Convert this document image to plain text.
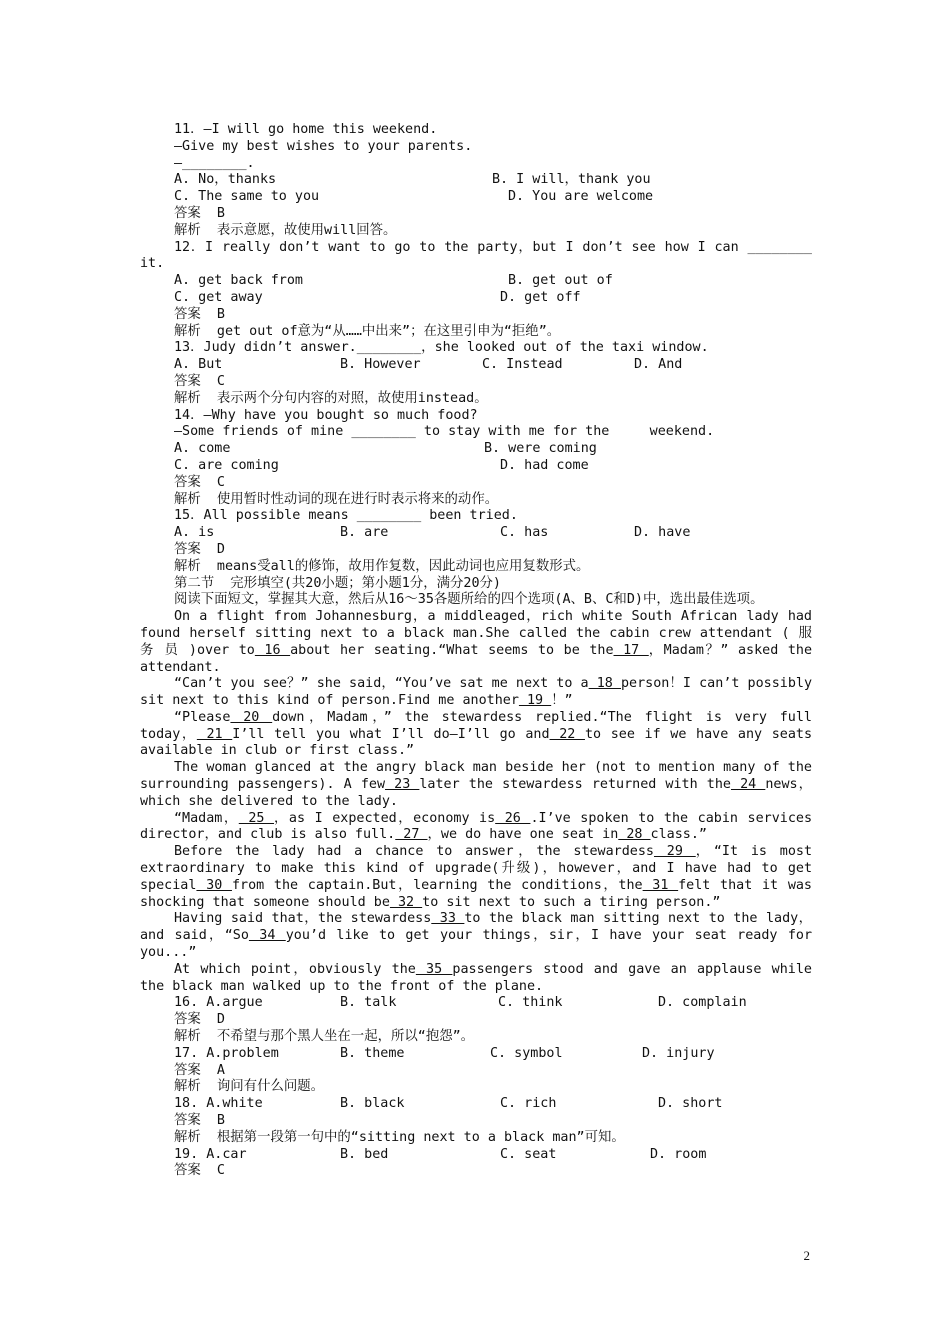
11．—I will go home this weekend.
—Give my best wishes to your parents.
—________.
A. No，thanks	B. I will，thank you
C. The same to you	D. You are welcome
答案  B
解析  表示意愿，故使用will回答。
12．I really don’t want to go to the party，but I don’t see how I can ________ it.
A. get back from	B. get out of
C. get away	D. get off
答案  B
解析  get out of意为“从……中出来”；在这里引申为“拒绝”。
13．Judy didn’t answer.________，she looked out of the taxi window.
A. But	B. However	C. Instead	D. And
答案  C
解析  表示两个分句内容的对照，故使用instead。
14．—Why have you bought so much food?
—Some friends of mine ________ to stay with me for the     weekend.
A. come	B. were coming
C. are coming	D. had come
答案  C
解析  使用暂时性动词的现在进行时表示将来的动作。
15．All possible means ________ been tried.
A. is	B. are	C. has	D. have
答案  D
解析  means受all的修饰，故用作复数，因此动词也应用复数形式。
第二节  完形填空(共20小题；第小题1分，满分20分)
阅读下面短文，掌握其大意，然后从16～35各题所给的四个选项(A、B、C和D)中，选出最佳选项。
On a flight from Johannesburg，a middleaged，rich white South African lady had found herself sitting next to a black man.She called the cabin crew attendant ( 服 务 员 )over to 16 about her seating.“What seems to be the 17 ，Madam？” asked the attendant.
“Can’t you see？” she said，“You’ve sat me next to a 18 person！I can’t possibly sit next to this kind of person.Find me another 19 ！”
“Please 20 down，Madam，” the stewardess replied.“The flight is very full today， 21 I’ll tell you what I’ll do—I’ll go and 22 to see if we have any seats available in club or first class.”
The woman glanced at the angry black man beside her (not to mention many of the surrounding passengers). A few 23 later the stewardess returned with the 24 news，which she delivered to the lady.
“Madam， 25 ，as I expected，economy is 26 .I’ve spoken to the cabin services director，and club is also full. 27 ，we do have one seat in 28 class.”
Before the lady had a chance to answer，the stewardess 29 ，“It is most extraordinary to make this kind of upgrade(升级)，however，and I have had to get special 30 from the captain.But，learning the conditions，the 31 felt that it was shocking that someone should be 32 to sit next to such a tiring person.”
Having said that，the stewardess 33 to the black man sitting next to the lady，and said，“So 34 you’d like to get your things，sir，I have your seat ready for you...”
At which point，obviously the 35 passengers stood and gave an applause while the black man walked up to the front of the plane.
16. A.argue	B. talk	C. think	D. complain
答案  D
解析  不希望与那个黑人坐在一起，所以“抱怨”。
17. A.problem	B. theme	C. symbol	D. injury
答案  A
解析  询问有什么问题。
18. A.white	B. black	C. rich	D. short
答案  B
解析  根据第一段第一句中的“sitting next to a black man”可知。
19. A.car	B. bed	C. seat	D. room
答案  C
2
